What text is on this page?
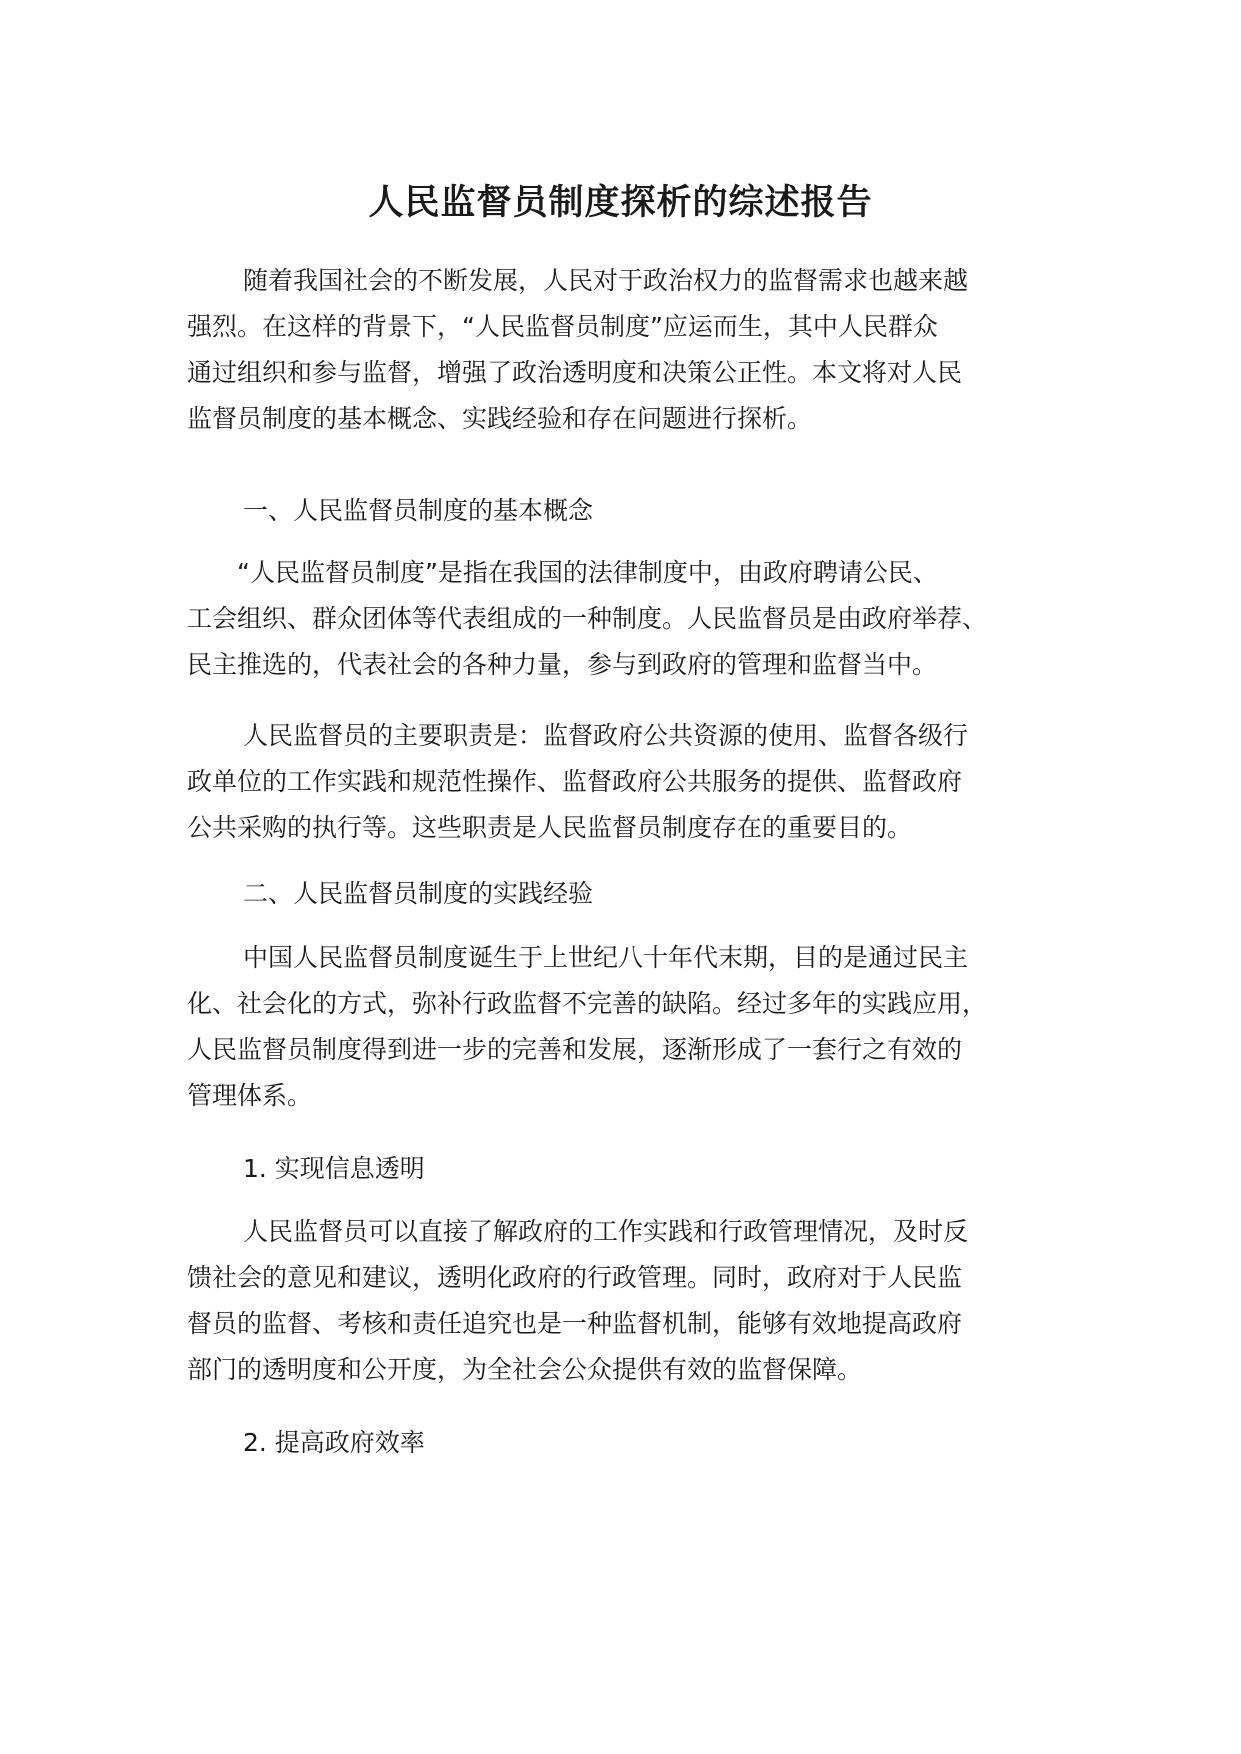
人民监督员制度探析的综述报告
随着我国社会的不断发展，人民对于政治权力的监督需求也越来越
强烈。在这样的背景下，“人民监督员制度”应运而生，其中人民群众
通过组织和参与监督，增强了政治透明度和决策公正性。本文将对人民
监督员制度的基本概念、实践经验和存在问题进行探析。

一、人民监督员制度的基本概念

“人民监督员制度”是指在我国的法律制度中，由政府聘请公民、
工会组织、群众团体等代表组成的一种制度。人民监督员是由政府举荐、
民主推选的，代表社会的各种力量，参与到政府的管理和监督当中。
人民监督员的主要职责是：监督政府公共资源的使用、监督各级行
政单位的工作实践和规范性操作、监督政府公共服务的提供、监督政府
公共采购的执行等。这些职责是人民监督员制度存在的重要目的。

二、人民监督员制度的实践经验

中国人民监督员制度诞生于上世纪八十年代末期，目的是通过民主
化、社会化的方式，弥补行政监督不完善的缺陷。经过多年的实践应用，
人民监督员制度得到进一步的完善和发展，逐渐形成了一套行之有效的
管理体系。

1. 实现信息透明

人民监督员可以直接了解政府的工作实践和行政管理情况，及时反
馈社会的意见和建议，透明化政府的行政管理。同时，政府对于人民监
督员的监督、考核和责任追究也是一种监督机制，能够有效地提高政府
部门的透明度和公开度，为全社会公众提供有效的监督保障。

2. 提高政府效率
